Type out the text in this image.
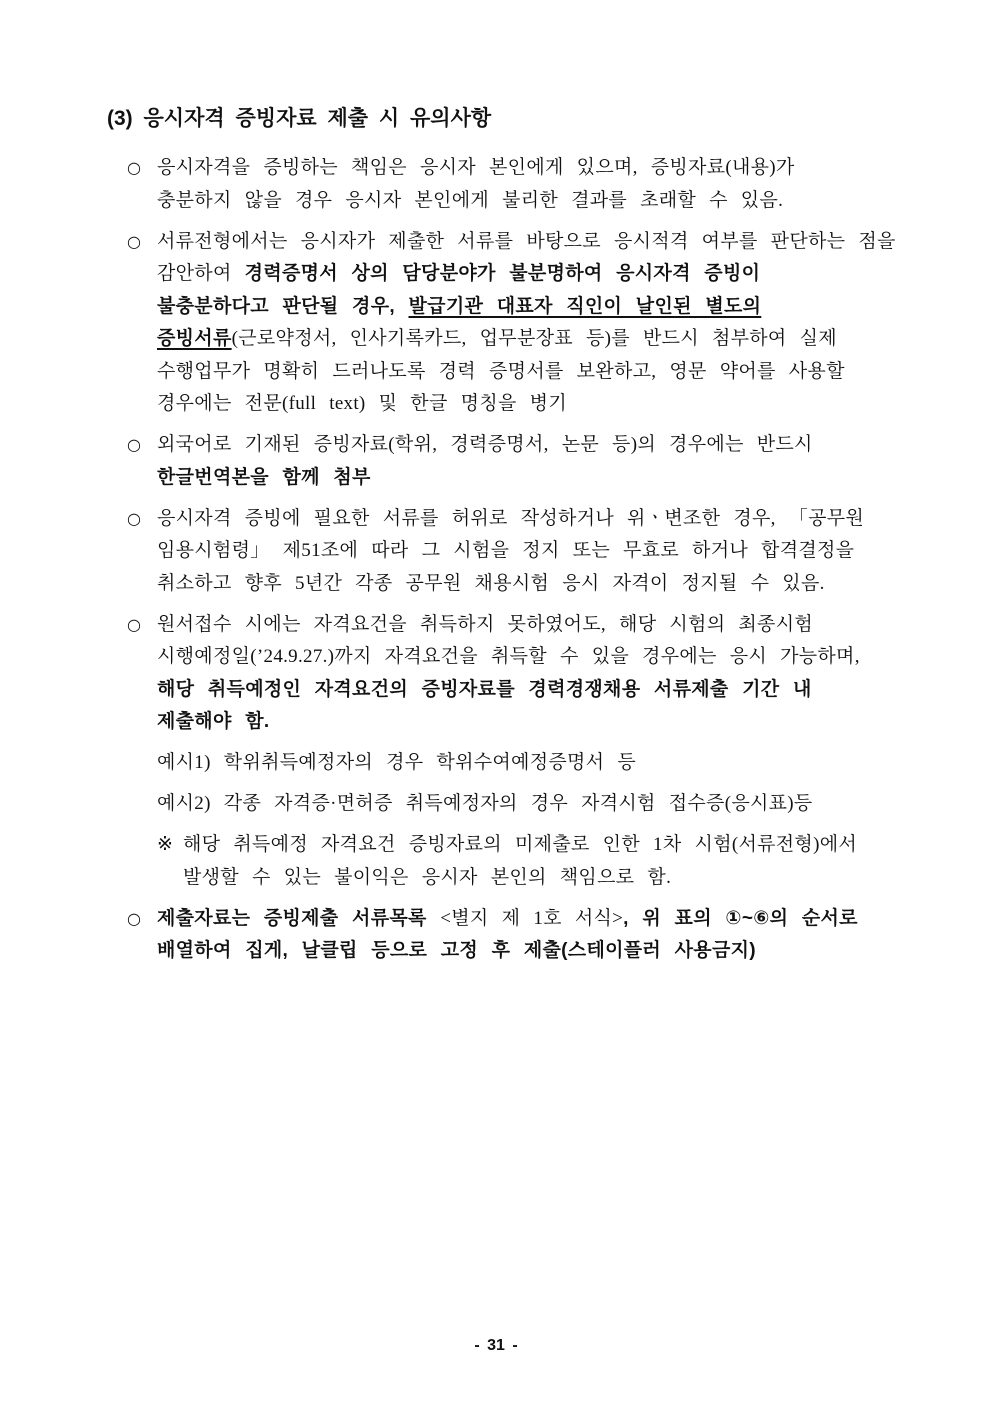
(3) 응시자격 증빙자료 제출 시 유의사항
○ 응시자격을 증빙하는 책임은 응시자 본인에게 있으며, 증빙자료(내용)가
충분하지 않을 경우 응시자 본인에게 불리한 결과를 초래할 수 있음.
○ 서류전형에서는 응시자가 제출한 서류를 바탕으로 응시적격 여부를 판단하는 점을
감안하여 경력증명서 상의 담당분야가 불분명하여 응시자격 증빙이
불충분하다고 판단될 경우, 발급기관 대표자 직인이 날인된 별도의
증빙서류(근로약정서, 인사기록카드, 업무분장표 등)를 반드시 첨부하여 실제
수행업무가 명확히 드러나도록 경력 증명서를 보완하고, 영문 약어를 사용할
경우에는 전문(full text) 및 한글 명칭을 병기
○ 외국어로 기재된 증빙자료(학위, 경력증명서, 논문 등)의 경우에는 반드시
한글번역본을 함께 첨부
○ 응시자격 증빙에 필요한 서류를 허위로 작성하거나 위ㆍ변조한 경우, 「공무원
임용시험령」 제51조에 따라 그 시험을 정지 또는 무효로 하거나 합격결정을
취소하고 향후 5년간 각종 공무원 채용시험 응시 자격이 정지될 수 있음.
○ 원서접수 시에는 자격요건을 취득하지 못하였어도, 해당 시험의 최종시험
시행예정일(’24.9.27.)까지 자격요건을 취득할 수 있을 경우에는 응시 가능하며,
해당 취득예정인 자격요건의 증빙자료를 경력경쟁채용 서류제출 기간 내
제출해야 함.
예시1) 학위취득예정자의 경우 학위수여예정증명서 등
예시2) 각종 자격증·면허증 취득예정자의 경우 자격시험 접수증(응시표)등
※ 해당 취득예정 자격요건 증빙자료의 미제출로 인한 1차 시험(서류전형)에서
발생할 수 있는 불이익은 응시자 본인의 책임으로 함.
○ 제출자료는 증빙제출 서류목록 <별지 제 1호 서식>, 위 표의 ①~⑥의 순서로
배열하여 집게, 날클립 등으로 고정 후 제출(스테이플러 사용금지)
- 31 -
